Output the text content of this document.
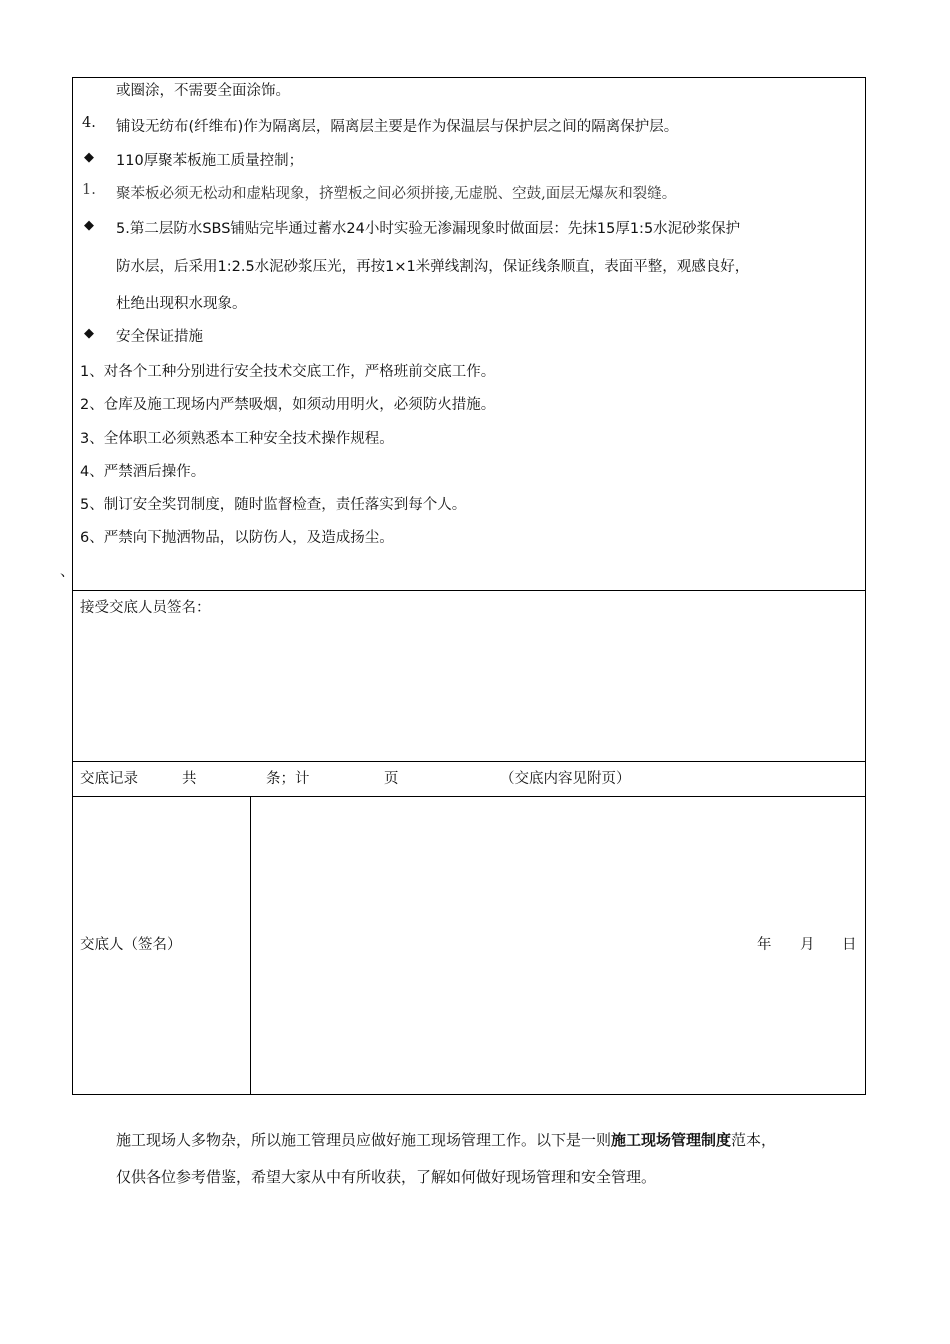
或圈涂，不需要全面涂饰。
4. 铺设无纺布(纤维布)作为隔离层，隔离层主要是作为保温层与保护层之间的隔离保护层。
◆ 110厚聚苯板施工质量控制；
1. 聚苯板必须无松动和虚粘现象，挤塑板之间必须拼接,无虚脱、空鼓,面层无爆灰和裂缝。
◆ 5.第二层防水SBS铺贴完毕通过蓄水24小时实验无渗漏现象时做面层：先抹15厚1:5水泥砂浆保护
防水层，后采用1:2.5水泥砂浆压光，再按1×1米弹线割沟，保证线条顺直，表面平整，观感良好，
杜绝出现积水现象。
◆ 安全保证措施
1、对各个工种分别进行安全技术交底工作，严格班前交底工作。
2、仓库及施工现场内严禁吸烟，如须动用明火，必须防火措施。
3、全体职工必须熟悉本工种安全技术操作规程。
4、严禁酒后操作。
5、制订安全奖罚制度，随时监督检查，责任落实到每个人。
6、严禁向下抛洒物品，以防伤人，及造成扬尘。
、
接受交底人员签名：
交底记录	共	条；计	页	（交底内容见附页）
交底人（签名）	年 月 日
施工现场人多物杂，所以施工管理员应做好施工现场管理工作。以下是一则施工现场管理制度范本，
仅供各位参考借鉴，希望大家从中有所收获，了解如何做好现场管理和安全管理。
